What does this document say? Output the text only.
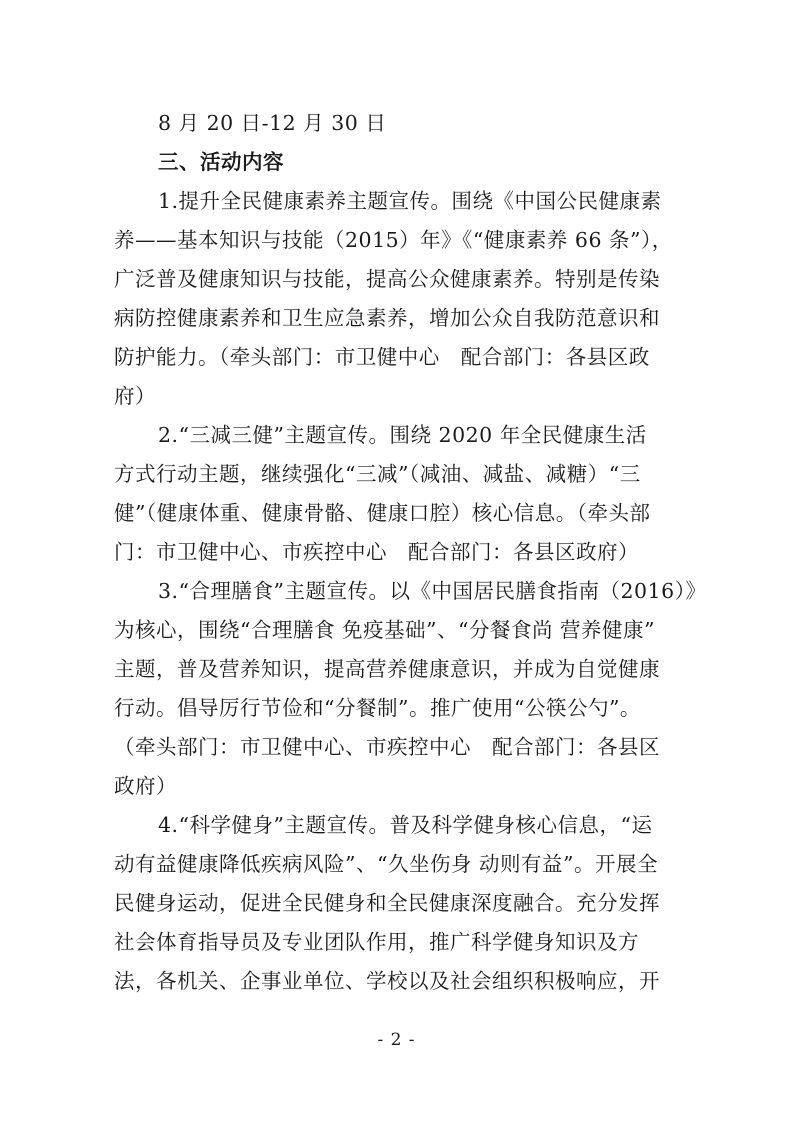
8 月 20 日-12 月 30 日
三、活动内容
1.提升全民健康素养主题宣传。围绕《中国公民健康素
养——基本知识与技能（2015）年》《“健康素养 66 条”），
广泛普及健康知识与技能，提高公众健康素养。特别是传染
病防控健康素养和卫生应急素养，增加公众自我防范意识和
防护能力。（牵头部门：市卫健中心　配合部门：各县区政
府）
2.“三减三健”主题宣传。围绕 2020 年全民健康生活
方式行动主题，继续强化“三减”（减油、减盐、减糖）“三
健”（健康体重、健康骨骼、健康口腔）核心信息。（牵头部
门：市卫健中心、市疾控中心　配合部门：各县区政府）
3.“合理膳食”主题宣传。以《中国居民膳食指南（2016）》
为核心，围绕“合理膳食 免疫基础”、“分餐食尚 营养健康”
主题，普及营养知识，提高营养健康意识，并成为自觉健康
行动。倡导厉行节俭和“分餐制”。推广使用“公筷公勺”。
（牵头部门：市卫健中心、市疾控中心　配合部门：各县区
政府）
4.“科学健身”主题宣传。普及科学健身核心信息，“运
动有益健康降低疾病风险”、“久坐伤身 动则有益”。开展全
民健身运动，促进全民健身和全民健康深度融合。充分发挥
社会体育指导员及专业团队作用，推广科学健身知识及方
法，各机关、企事业单位、学校以及社会组织积极响应，开
- 2 -
